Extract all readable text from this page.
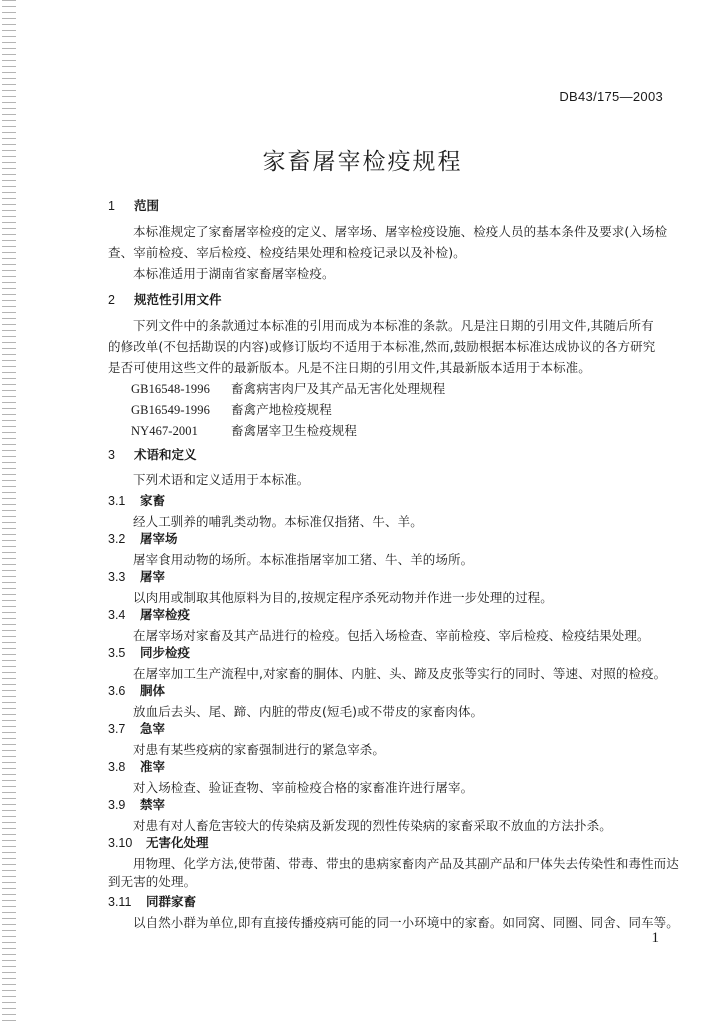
DB43/175—2003
家畜屠宰检疫规程
1 范围
本标准规定了家畜屠宰检疫的定义、屠宰场、屠宰检疫设施、检疫人员的基本条件及要求(入场检
查、宰前检疫、宰后检疫、检疫结果处理和检疫记录以及补检)。
本标准适用于湖南省家畜屠宰检疫。
2 规范性引用文件
下列文件中的条款通过本标准的引用而成为本标准的条款。凡是注日期的引用文件,其随后所有
的修改单(不包括勘误的内容)或修订版均不适用于本标准,然而,鼓励根据本标准达成协议的各方研究
是否可使用这些文件的最新版本。凡是不注日期的引用文件,其最新版本适用于本标准。
GB16548-1996 畜禽病害肉尸及其产品无害化处理规程
GB16549-1996 畜禽产地检疫规程
NY467-2001	畜禽屠宰卫生检疫规程
3 术语和定义
下列术语和定义适用于本标准。
3.1 家畜
经人工驯养的哺乳类动物。本标准仅指猪、牛、羊。
3.2 屠宰场
屠宰食用动物的场所。本标准指屠宰加工猪、牛、羊的场所。
3.3 屠宰
以肉用或制取其他原料为目的,按规定程序杀死动物并作进一步处理的过程。
3.4 屠宰检疫
在屠宰场对家畜及其产品进行的检疫。包括入场检查、宰前检疫、宰后检疫、检疫结果处理。
3.5 同步检疫
在屠宰加工生产流程中,对家畜的胴体、内脏、头、蹄及皮张等实行的同时、等速、对照的检疫。
3.6 胴体
放血后去头、尾、蹄、内脏的带皮(短毛)或不带皮的家畜肉体。
3.7 急宰
对患有某些疫病的家畜强制进行的紧急宰杀。
3.8 准宰
对入场检查、验证查物、宰前检疫合格的家畜准许进行屠宰。
3.9 禁宰
对患有对人畜危害较大的传染病及新发现的烈性传染病的家畜采取不放血的方法扑杀。
3.10 无害化处理
用物理、化学方法,使带菌、带毒、带虫的患病家畜肉产品及其副产品和尸体失去传染性和毒性而达
到无害的处理。
3.11 同群家畜
以自然小群为单位,即有直接传播疫病可能的同一小环境中的家畜。如同窝、同圈、同舍、同车等。
1
